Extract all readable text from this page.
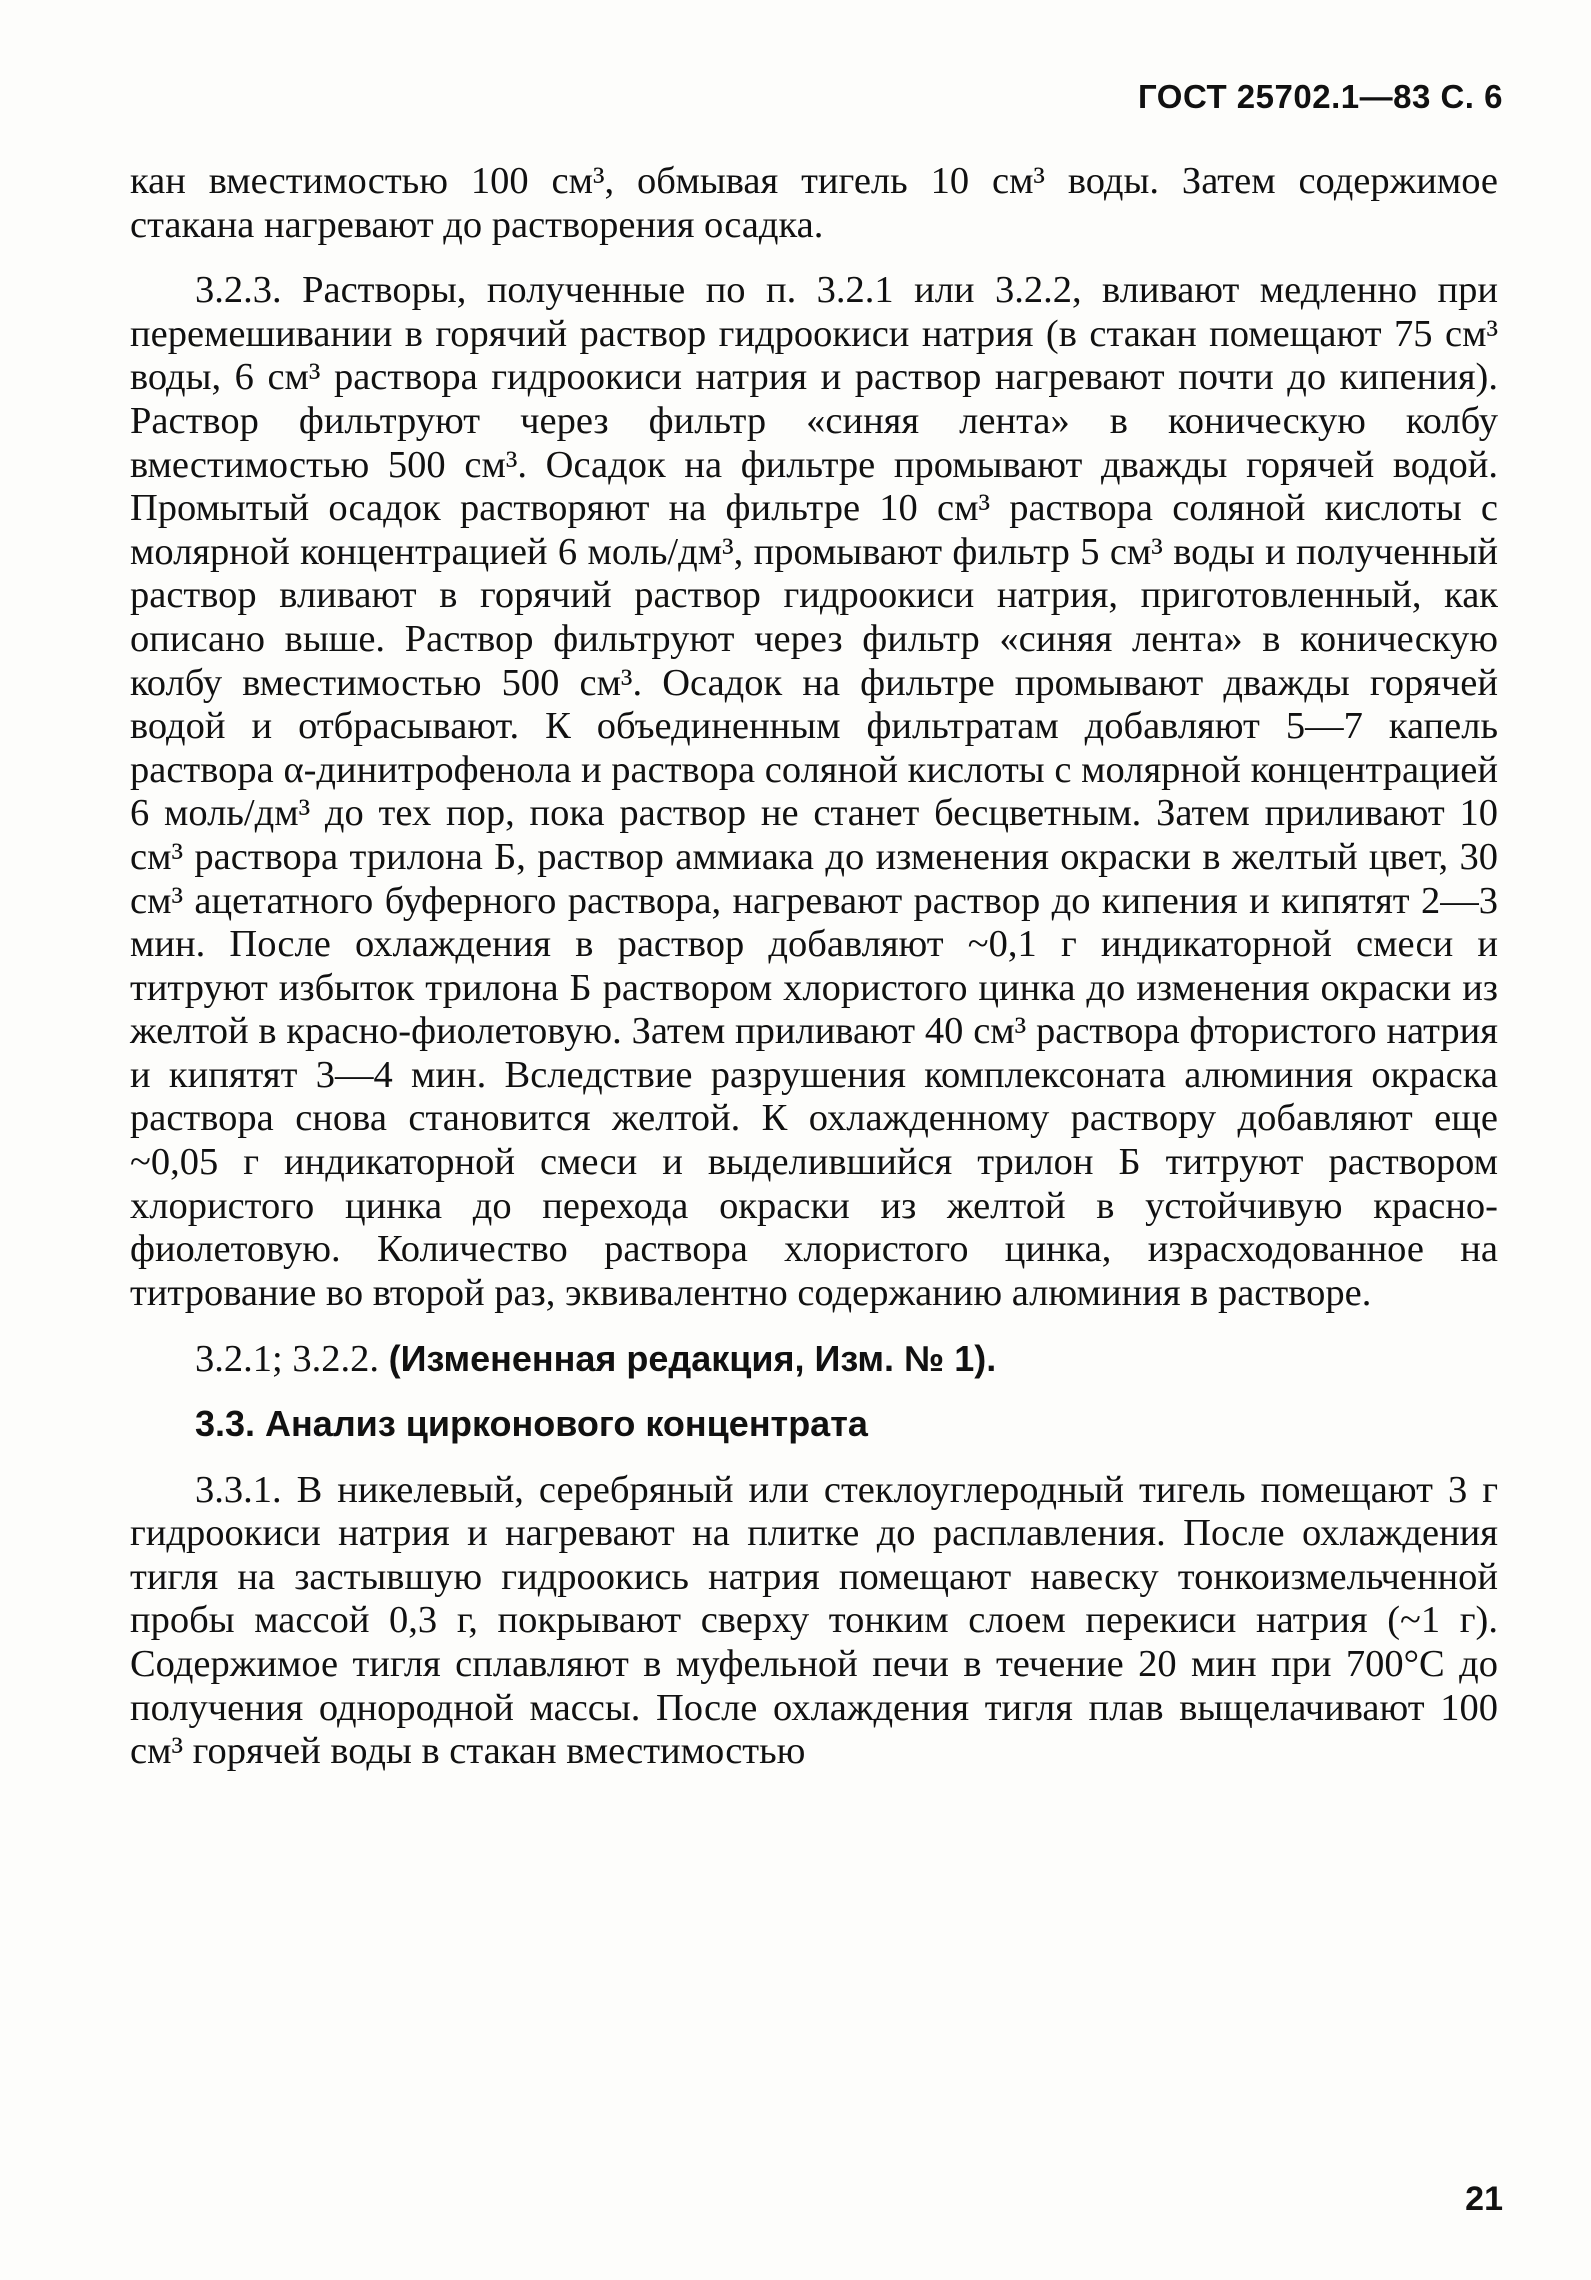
ГОСТ 25702.1—83 С. 6

кан вместимостью 100 см³, обмывая тигель 10 см³ воды. Затем содержимое стакана нагревают до растворения осадка.

3.2.3. Растворы, полученные по п. 3.2.1 или 3.2.2, вливают медленно при перемешивании в горячий раствор гидроокиси натрия (в стакан помещают 75 см³ воды, 6 см³ раствора гидроокиси натрия и раствор нагревают почти до кипения). Раствор фильтруют через фильтр «синяя лента» в коническую колбу вместимостью 500 см³. Осадок на фильтре промывают дважды горячей водой. Промытый осадок растворяют на фильтре 10 см³ раствора соляной кислоты с молярной концентрацией 6 моль/дм³, промывают фильтр 5 см³ воды и полученный раствор вливают в горячий раствор гидроокиси натрия, приготовленный, как описано выше. Раствор фильтруют через фильтр «синяя лента» в коническую колбу вместимостью 500 см³. Осадок на фильтре промывают дважды горячей водой и отбрасывают. К объединенным фильтратам добавляют 5—7 капель раствора α-динитрофенола и раствора соляной кислоты с молярной концентрацией 6 моль/дм³ до тех пор, пока раствор не станет бесцветным. Затем приливают 10 см³ раствора трилона Б, раствор аммиака до изменения окраски в желтый цвет, 30 см³ ацетатного буферного раствора, нагревают раствор до кипения и кипятят 2—3 мин. После охлаждения в раствор добавляют ~0,1 г индикаторной смеси и титруют избыток трилона Б раствором хлористого цинка до изменения окраски из желтой в красно-фиолетовую. Затем приливают 40 см³ раствора фтористого натрия и кипятят 3—4 мин. Вследствие разрушения комплексоната алюминия окраска раствора снова становится желтой. К охлажденному раствору добавляют еще ~0,05 г индикаторной смеси и выделившийся трилон Б титруют раствором хлористого цинка до перехода окраски из желтой в устойчивую красно-фиолетовую. Количество раствора хлористого цинка, израсходованное на титрование во второй раз, эквивалентно содержанию алюминия в растворе.

3.2.1; 3.2.2. (Измененная редакция, Изм. № 1).

3.3. Анализ цирконового концентрата

3.3.1. В никелевый, серебряный или стеклоуглеродный тигель помещают 3 г гидроокиси натрия и нагревают на плитке до расплавления. После охлаждения тигля на застывшую гидроокись натрия помещают навеску тонкоизмельченной пробы массой 0,3 г, покрывают сверху тонким слоем перекиси натрия (~1 г). Содержимое тигля сплавляют в муфельной печи в течение 20 мин при 700°С до получения однородной массы. После охлаждения тигля плав выщелачивают 100 см³ горячей воды в стакан вместимостью

21
